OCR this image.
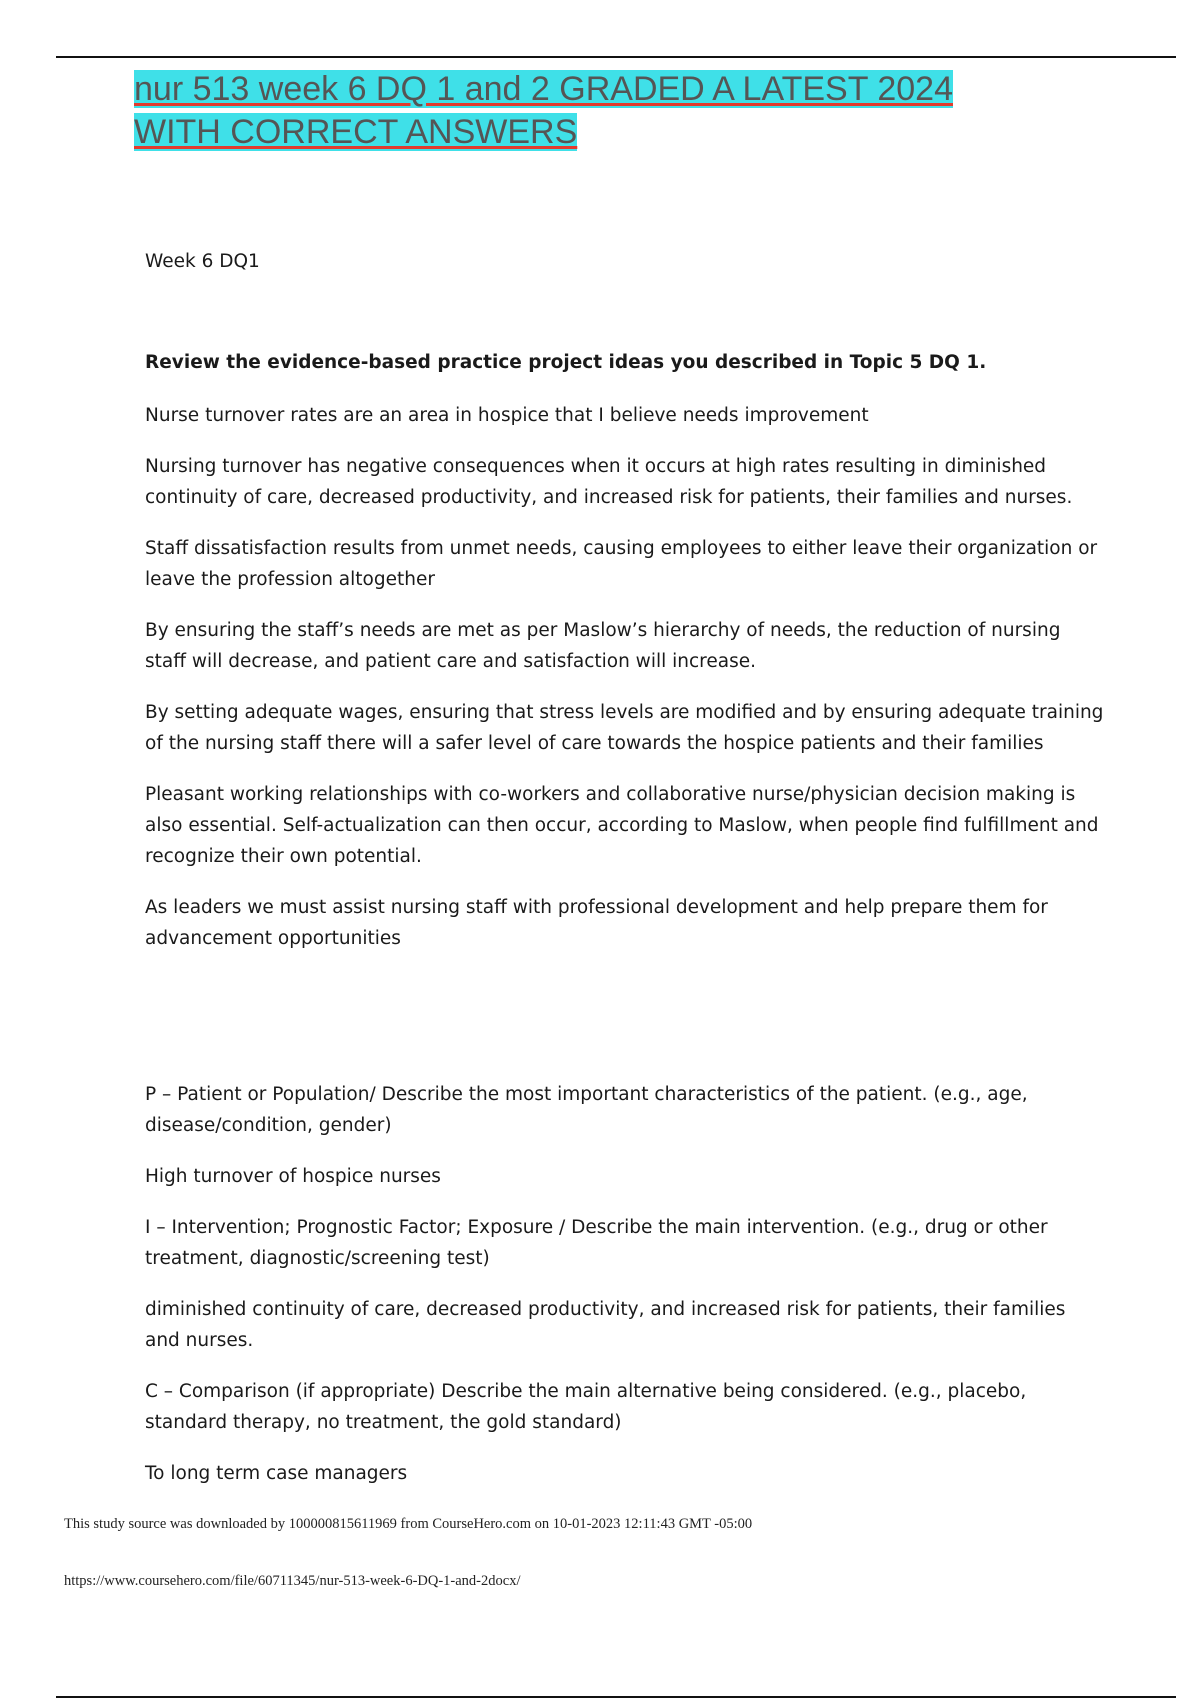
nur 513 week 6 DQ 1 and 2 GRADED A LATEST 2024 WITH CORRECT ANSWERS

Week 6 DQ1

Review the evidence-based practice project ideas you described in Topic 5 DQ 1.

Nurse turnover rates are an area in hospice that I believe needs improvement

Nursing turnover has negative consequences when it occurs at high rates resulting in diminished continuity of care, decreased productivity, and increased risk for patients, their families and nurses.

Staff dissatisfaction results from unmet needs, causing employees to either leave their organization or leave the profession altogether

By ensuring the staff’s needs are met as per Maslow’s hierarchy of needs, the reduction of nursing staff will decrease, and patient care and satisfaction will increase.

By setting adequate wages, ensuring that stress levels are modified and by ensuring adequate training of the nursing staff there will a safer level of care towards the hospice patients and their families

Pleasant working relationships with co-workers and collaborative nurse/physician decision making is also essential. Self-actualization can then occur, according to Maslow, when people find fulfillment and recognize their own potential.

As leaders we must assist nursing staff with professional development and help prepare them for advancement opportunities

P – Patient or Population/ Describe the most important characteristics of the patient. (e.g., age, disease/condition, gender)

High turnover of hospice nurses

I – Intervention; Prognostic Factor; Exposure / Describe the main intervention. (e.g., drug or other treatment, diagnostic/screening test)

diminished continuity of care, decreased productivity, and increased risk for patients, their families and nurses.

C – Comparison (if appropriate) Describe the main alternative being considered. (e.g., placebo, standard therapy, no treatment, the gold standard)

To long term case managers

This study source was downloaded by 100000815611969 from CourseHero.com on 10-01-2023 12:11:43 GMT -05:00

https://www.coursehero.com/file/60711345/nur-513-week-6-DQ-1-and-2docx/
